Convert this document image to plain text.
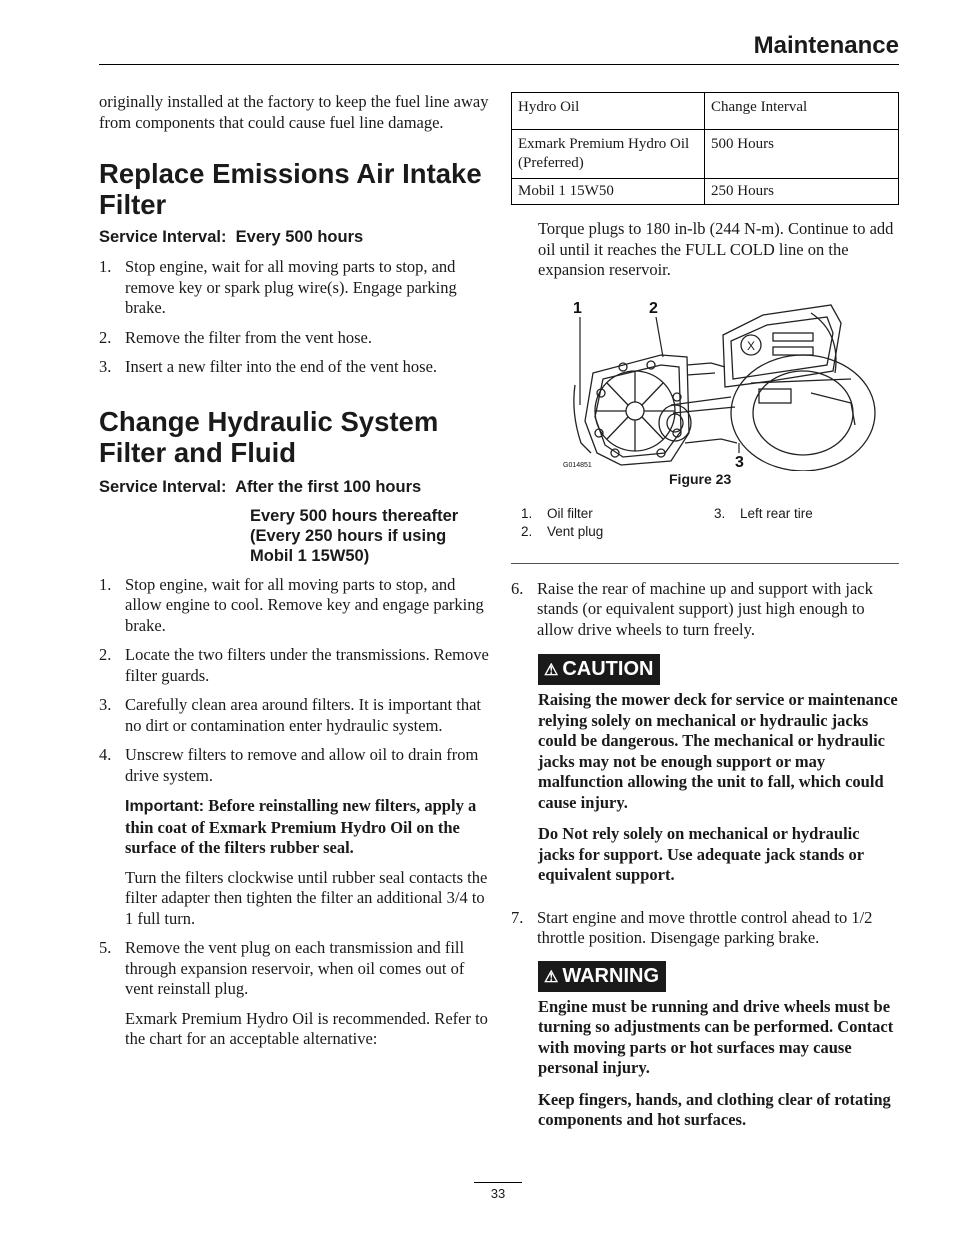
Maintenance

originally installed at the factory to keep the fuel line away from components that could cause fuel line damage.

Replace Emissions Air Intake Filter
Service Interval: Every 500 hours
1. Stop engine, wait for all moving parts to stop, and remove key or spark plug wire(s). Engage parking brake.
2. Remove the filter from the vent hose.
3. Insert a new filter into the end of the vent hose.
Change Hydraulic System Filter and Fluid
Service Interval: After the first 100 hours
Every 500 hours thereafter (Every 250 hours if using Mobil 1 15W50)
1. Stop engine, wait for all moving parts to stop, and allow engine to cool. Remove key and engage parking brake.
2. Locate the two filters under the transmissions. Remove filter guards.
3. Carefully clean area around filters. It is important that no dirt or contamination enter hydraulic system.
4. Unscrew filters to remove and allow oil to drain from drive system.

Important: Before reinstalling new filters, apply a thin coat of Exmark Premium Hydro Oil on the surface of the filters rubber seal.

Turn the filters clockwise until rubber seal contacts the filter adapter then tighten the filter an additional 3/4 to 1 full turn.

5. Remove the vent plug on each transmission and fill through expansion reservoir, when oil comes out of vent reinstall plug.

Exmark Premium Hydro Oil is recommended. Refer to the chart for an acceptable alternative:

Hydro Oil	Change Interval
Exmark Premium Hydro Oil (Preferred)	500 Hours
Mobil 1 15W50	250 Hours

Torque plugs to 180 in-lb (244 N-m). Continue to add oil until it reaches the FULL COLD line on the expansion reservoir.

X
1	2
3
G014851
Figure 23
1. Oil filter
2. Vent plug
3. Left rear tire
6. Raise the rear of machine up and support with jack stands (or equivalent support) just high enough to allow drive wheels to turn freely.
⚠ CAUTION

Raising the mower deck for service or maintenance relying solely on mechanical or hydraulic jacks could be dangerous. The mechanical or hydraulic jacks may not be enough support or may malfunction allowing the unit to fall, which could cause injury.

Do Not rely solely on mechanical or hydraulic jacks for support. Use adequate jack stands or equivalent support.

7. Start engine and move throttle control ahead to 1/2 throttle position. Disengage parking brake.
⚠ WARNING

Engine must be running and drive wheels must be turning so adjustments can be performed. Contact with moving parts or hot surfaces may cause personal injury.

Keep fingers, hands, and clothing clear of rotating components and hot surfaces.

33
